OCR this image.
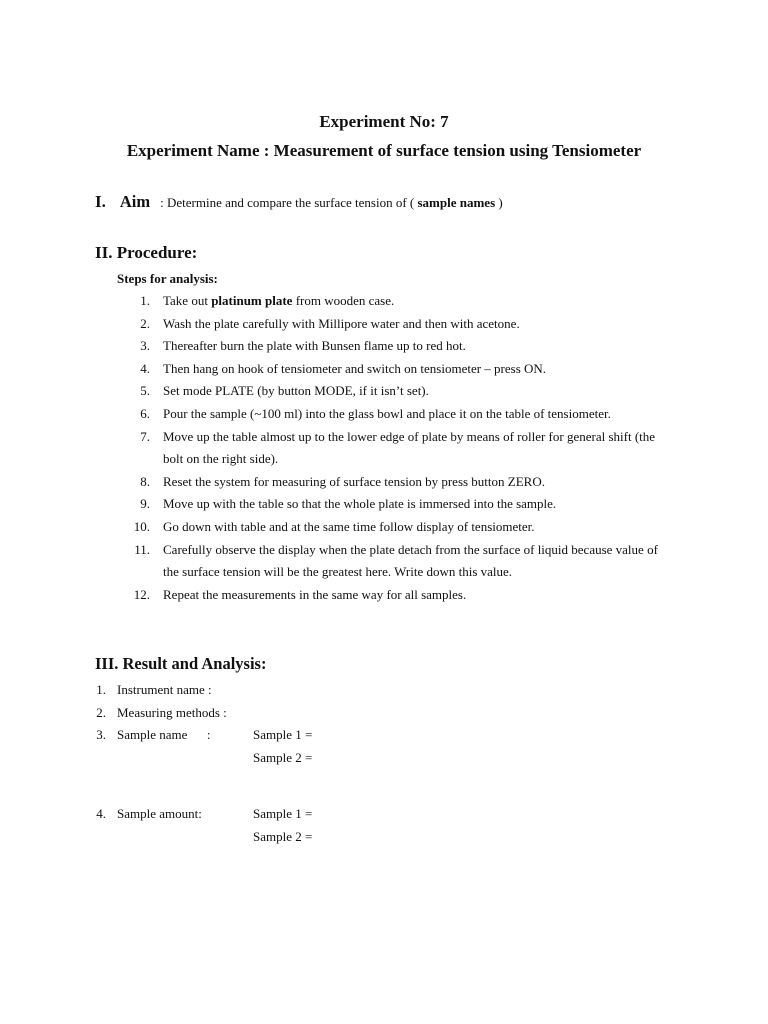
Experiment No: 7
Experiment Name : Measurement of surface tension using Tensiometer
I. Aim : Determine and compare the surface tension of ( sample names )
II. Procedure:
Steps for analysis:
1. Take out platinum plate from wooden case.
2. Wash the plate carefully with Millipore water and then with acetone.
3. Thereafter burn the plate with Bunsen flame up to red hot.
4. Then hang on hook of tensiometer and switch on tensiometer – press ON.
5. Set mode PLATE (by button MODE, if it isn’t set).
6. Pour the sample (~100 ml) into the glass bowl and place it on the table of tensiometer.
7. Move up the table almost up to the lower edge of plate by means of roller for general shift (the
bolt on the right side).
8. Reset the system for measuring of surface tension by press button ZERO.
9. Move up with the table so that the whole plate is immersed into the sample.
10. Go down with table and at the same time follow display of tensiometer.
11. Carefully observe the display when the plate detach from the surface of liquid because value of
the surface tension will be the greatest here. Write down this value.
12. Repeat the measurements in the same way for all samples.
III. Result and Analysis:
1. Instrument name :
2. Measuring methods :
3. Sample name      :	Sample 1 =
Sample 2 =
4. Sample amount:	Sample 1 =
Sample 2 =
